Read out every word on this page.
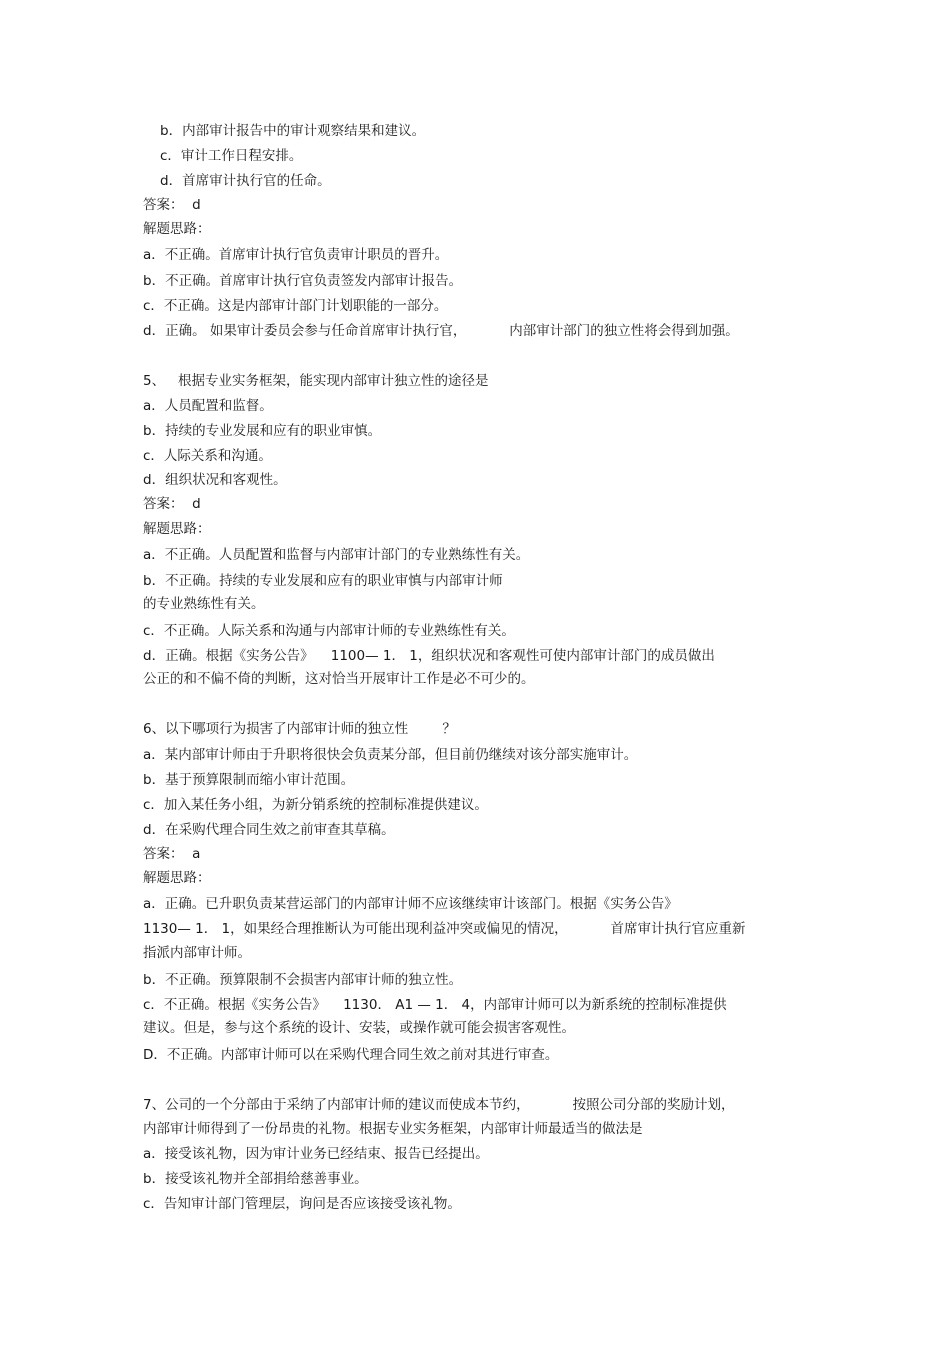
b．内部审计报告中的审计观察结果和建议。
c．审计工作日程安排。
d．首席审计执行官的任命。
答案：  d
解题思路：
a．不正确。首席审计执行官负责审计职员的晋升。
b．不正确。首席审计执行官负责签发内部审计报告。
c．不正确。这是内部审计部门计划职能的一部分。
d．正确。 如果审计委员会参与任命首席审计执行官，          内部审计部门的独立性将会得到加强。
5、   根据专业实务框架，能实现内部审计独立性的途径是
a．人员配置和监督。
b．持续的专业发展和应有的职业审慎。
c．人际关系和沟通。
d．组织状况和客观性。
答案：  d
解题思路：
a．不正确。人员配置和监督与内部审计部门的专业熟练性有关。
b．不正确。持续的专业发展和应有的职业审慎与内部审计师
的专业熟练性有关。
c．不正确。人际关系和沟通与内部审计师的专业熟练性有关。
d．正确。根据《实务公告》    1100— 1． 1，组织状况和客观性可使内部审计部门的成员做出
公正的和不偏不倚的判断，这对恰当开展审计工作是必不可少的。
6、以下哪项行为损害了内部审计师的独立性        ？
a．某内部审计师由于升职将很快会负责某分部，但目前仍继续对该分部实施审计。
b．基于预算限制而缩小审计范围。
c．加入某任务小组，为新分销系统的控制标准提供建议。
d．在采购代理合同生效之前审查其草稿。
答案：  a
解题思路：
a．正确。已升职负责某营运部门的内部审计师不应该继续审计该部门。根据《实务公告》
1130— 1． 1，如果经合理推断认为可能出现利益冲突或偏见的情况，          首席审计执行官应重新
指派内部审计师。
b．不正确。预算限制不会损害内部审计师的独立性。
c．不正确。根据《实务公告》    1130． A1 — 1． 4，内部审计师可以为新系统的控制标准提供
建议。但是，参与这个系统的设计、安装，或操作就可能会损害客观性。
D．不正确。内部审计师可以在采购代理合同生效之前对其进行审查。
7、公司的一个分部由于采纳了内部审计师的建议而使成本节约，          按照公司分部的奖励计划，
内部审计师得到了一份昂贵的礼物。根据专业实务框架，内部审计师最适当的做法是
a．接受该礼物，因为审计业务已经结束、报告已经提出。
b．接受该礼物并全部捐给慈善事业。
c．告知审计部门管理层，询问是否应该接受该礼物。
